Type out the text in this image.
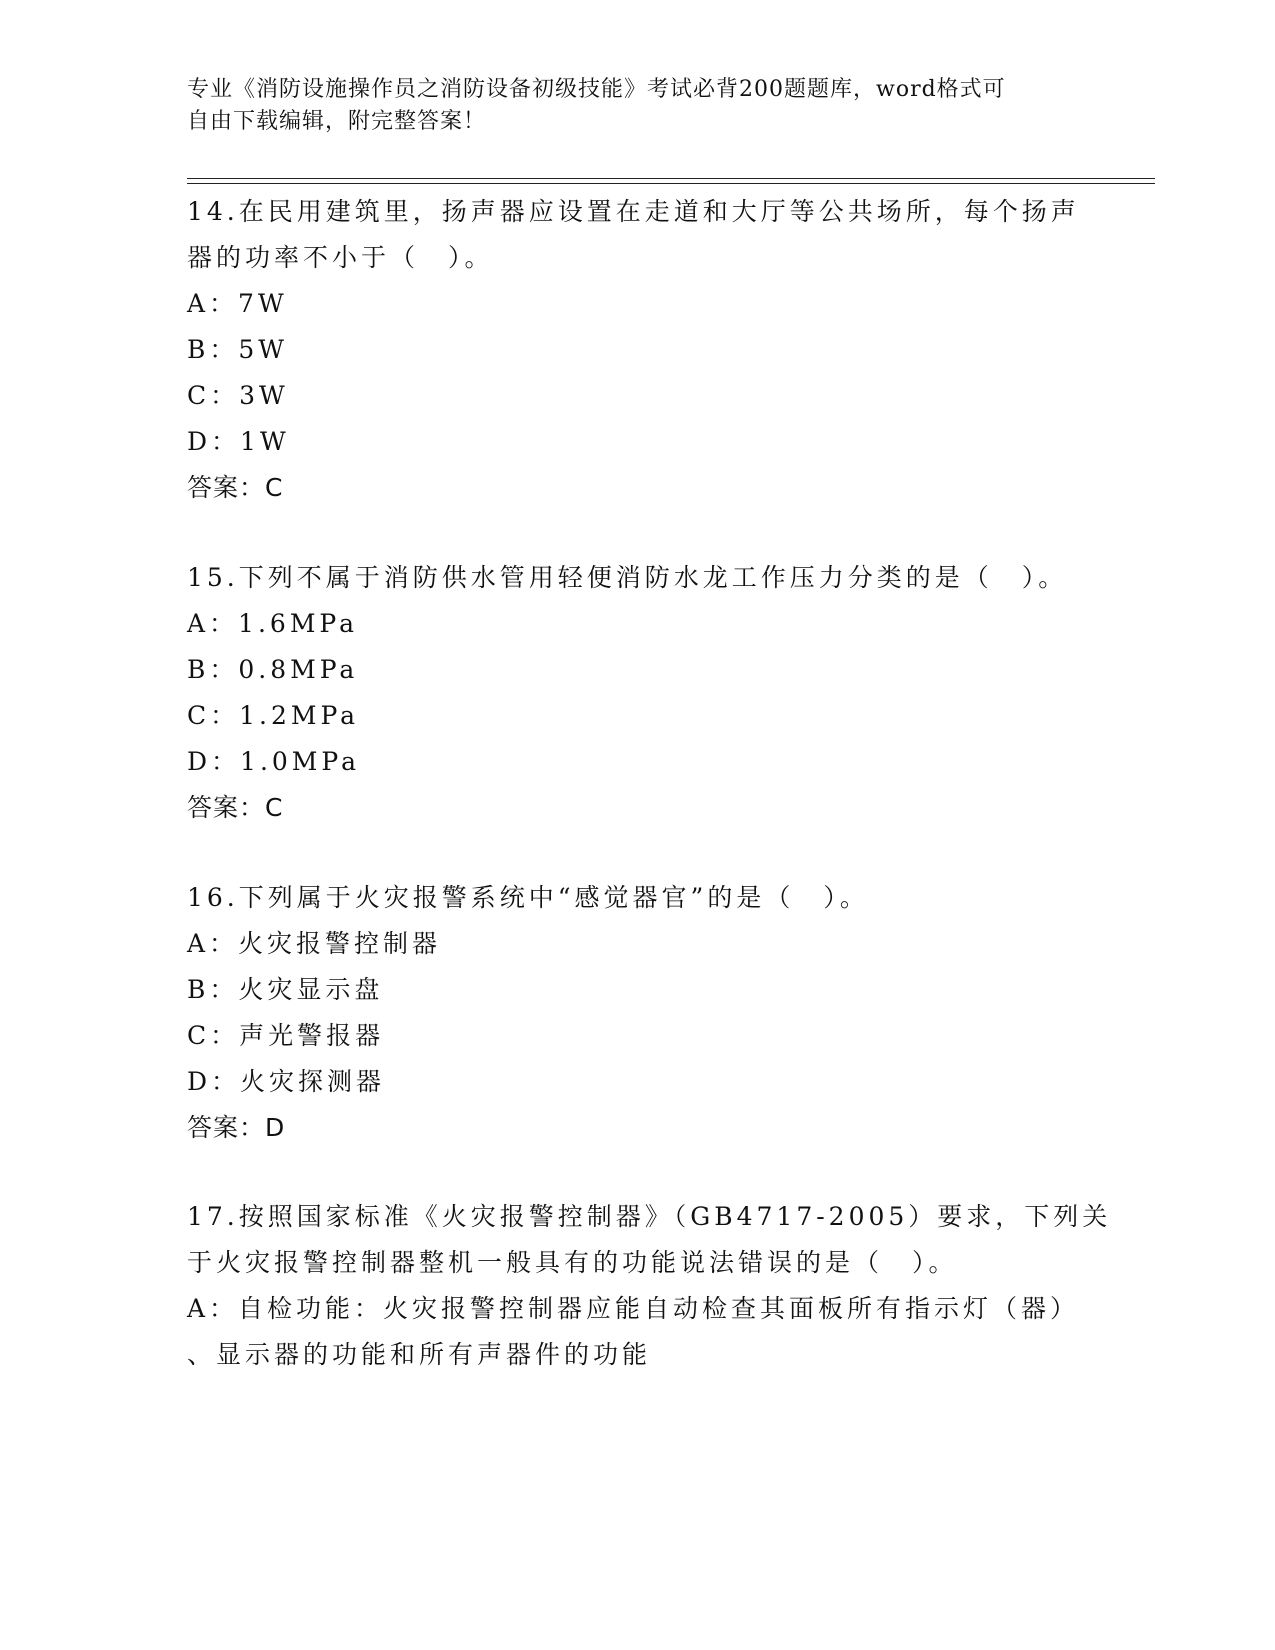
专业《消防设施操作员之消防设备初级技能》考试必背200题题库，word格式可
自由下载编辑，附完整答案！
14.在民用建筑里，扬声器应设置在走道和大厅等公共场所，每个扬声
器的功率不小于（　）。
A：7W
B：5W
C：3W
D：1W
答案：C
15.下列不属于消防供水管用轻便消防水龙工作压力分类的是（　）。
A：1.6MPa
B：0.8MPa
C：1.2MPa
D：1.0MPa
答案：C
16.下列属于火灾报警系统中“感觉器官”的是（　）。
A：火灾报警控制器
B：火灾显示盘
C：声光警报器
D：火灾探测器
答案：D
17.按照国家标准《火灾报警控制器》（GB4717-2005）要求，下列关
于火灾报警控制器整机一般具有的功能说法错误的是（　）。
A：自检功能：火灾报警控制器应能自动检查其面板所有指示灯（器）
、显示器的功能和所有声器件的功能
